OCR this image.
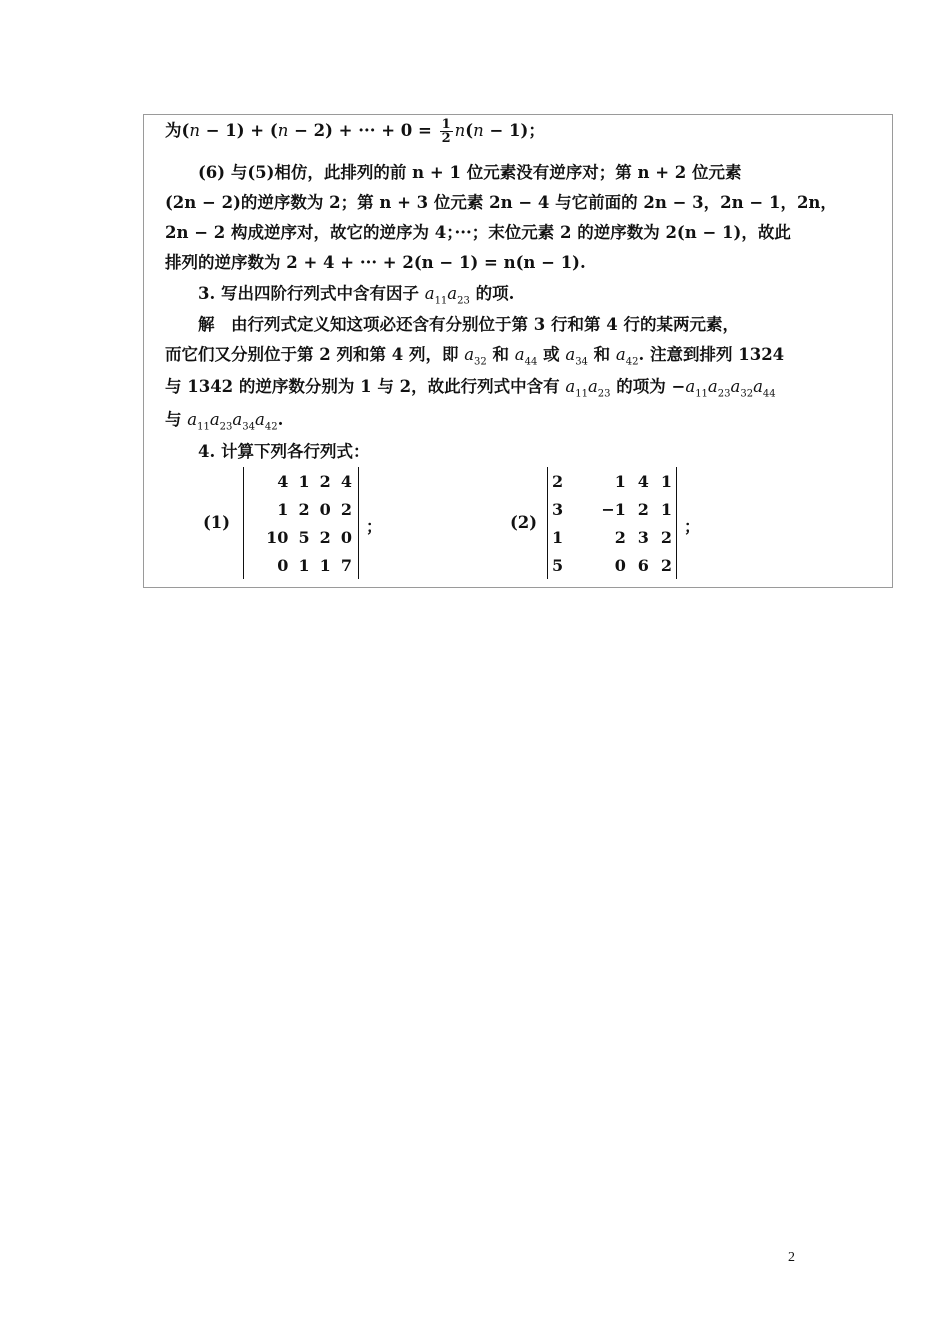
为(n − 1) + (n − 2) + ··· + $0 = \frac{1}{2} n(n - 1)$；
(6) 与(5)相仿，此排列的前 n + 1 位元素没有逆序对；第 n + 2 位元素
(2n − 2)的逆序数为 2；第 n + 3 位元素 2n − 4 与它前面的 2n − 3，2n − 1，2n，
2n − 2 构成逆序对，故它的逆序为 4；···；末位元素 2 的逆序数为 2(n − 1)，故此
排列的逆序数为 2 + 4 + ··· + 2(n − 1) = n(n − 1).
3. 写出四阶行列式中含有因子 $a_{11}a_{23}$ 的项.
解　由行列式定义知这项必还含有分别位于第 3 行和第 4 行的某两元素，
而它们又分别位于第 2 列和第 4 列，即 $a_{32}$ 和 $a_{44}$ 或 $a_{34}$ 和 $a_{42}$. 注意到排列 1324
与 1342 的逆序数分别为 1 与 2，故此行列式中含有 $a_{11}a_{23}$ 的项为 $-a_{11}a_{23}a_{32}a_{44}$
与 $a_{11}a_{23}a_{34}a_{42}$.
4. 计算下列各行列式：
(1)
4	1	2	4
1	2	0	2
10	5	2	0
0	1	1	7
；	(2)
2	1	4	1
3	−1	2	1
1	2	3	2
5	0	6	2
；
2
